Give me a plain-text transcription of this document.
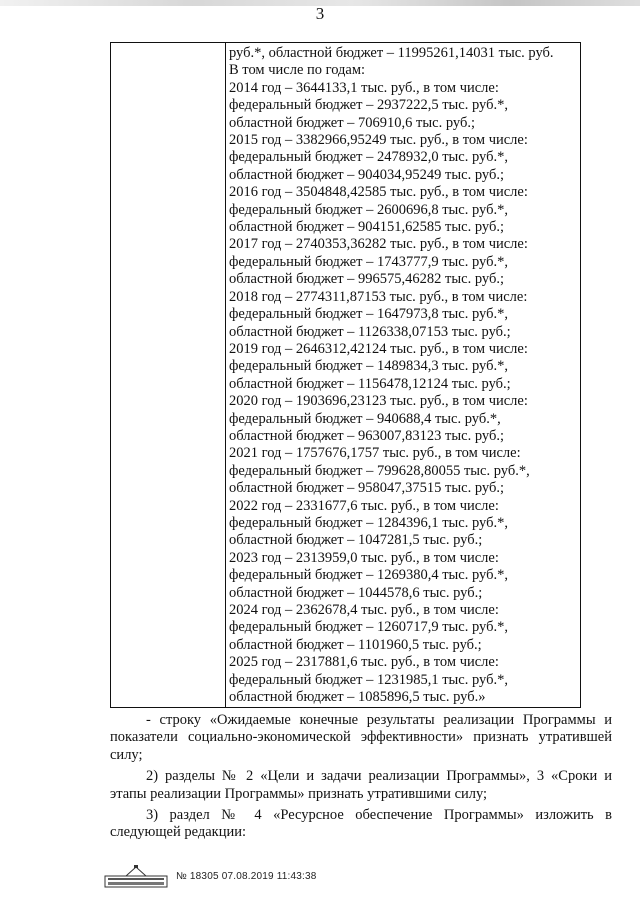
3
руб.*, областной бюджет – 11995261,14031 тыс. руб.
В том числе по годам:
2014 год – 3644133,1 тыс. руб., в том числе:
федеральный бюджет – 2937222,5 тыс. руб.*,
областной бюджет – 706910,6 тыс. руб.;
2015 год – 3382966,95249 тыс. руб., в том числе:
федеральный бюджет – 2478932,0 тыс. руб.*,
областной бюджет – 904034,95249 тыс. руб.;
2016 год – 3504848,42585 тыс. руб., в том числе:
федеральный бюджет – 2600696,8 тыс. руб.*,
областной бюджет – 904151,62585 тыс. руб.;
2017 год – 2740353,36282 тыс. руб., в том числе:
федеральный бюджет – 1743777,9 тыс. руб.*,
областной бюджет – 996575,46282 тыс. руб.;
2018 год – 2774311,87153 тыс. руб., в том числе:
федеральный бюджет – 1647973,8 тыс. руб.*,
областной бюджет – 1126338,07153 тыс. руб.;
2019 год – 2646312,42124 тыс. руб., в том числе:
федеральный бюджет – 1489834,3 тыс. руб.*,
областной бюджет – 1156478,12124 тыс. руб.;
2020 год – 1903696,23123 тыс. руб., в том числе:
федеральный бюджет – 940688,4 тыс. руб.*,
областной бюджет – 963007,83123 тыс. руб.;
2021 год – 1757676,1757 тыс. руб., в том числе:
федеральный бюджет – 799628,80055 тыс. руб.*,
областной бюджет – 958047,37515 тыс. руб.;
2022 год – 2331677,6 тыс. руб., в том числе:
федеральный бюджет – 1284396,1 тыс. руб.*,
областной бюджет – 1047281,5 тыс. руб.;
2023 год – 2313959,0 тыс. руб., в том числе:
федеральный бюджет – 1269380,4 тыс. руб.*,
областной бюджет – 1044578,6 тыс. руб.;
2024 год – 2362678,4 тыс. руб., в том числе:
федеральный бюджет – 1260717,9 тыс. руб.*,
областной бюджет – 1101960,5 тыс. руб.;
2025 год – 2317881,6 тыс. руб., в том числе:
федеральный бюджет – 1231985,1 тыс. руб.*,
областной бюджет – 1085896,5 тыс. руб.»

- строку «Ожидаемые конечные результаты реализации Программы и показатели социально-экономической эффективности» признать утратившей силу;

2) разделы № 2 «Цели и задачи реализации Программы», 3 «Сроки и этапы реализации Программы» признать утратившими силу;

3) раздел № 4 «Ресурсное обеспечение Программы» изложить в следующей редакции:

№ 18305 07.08.2019 11:43:38
